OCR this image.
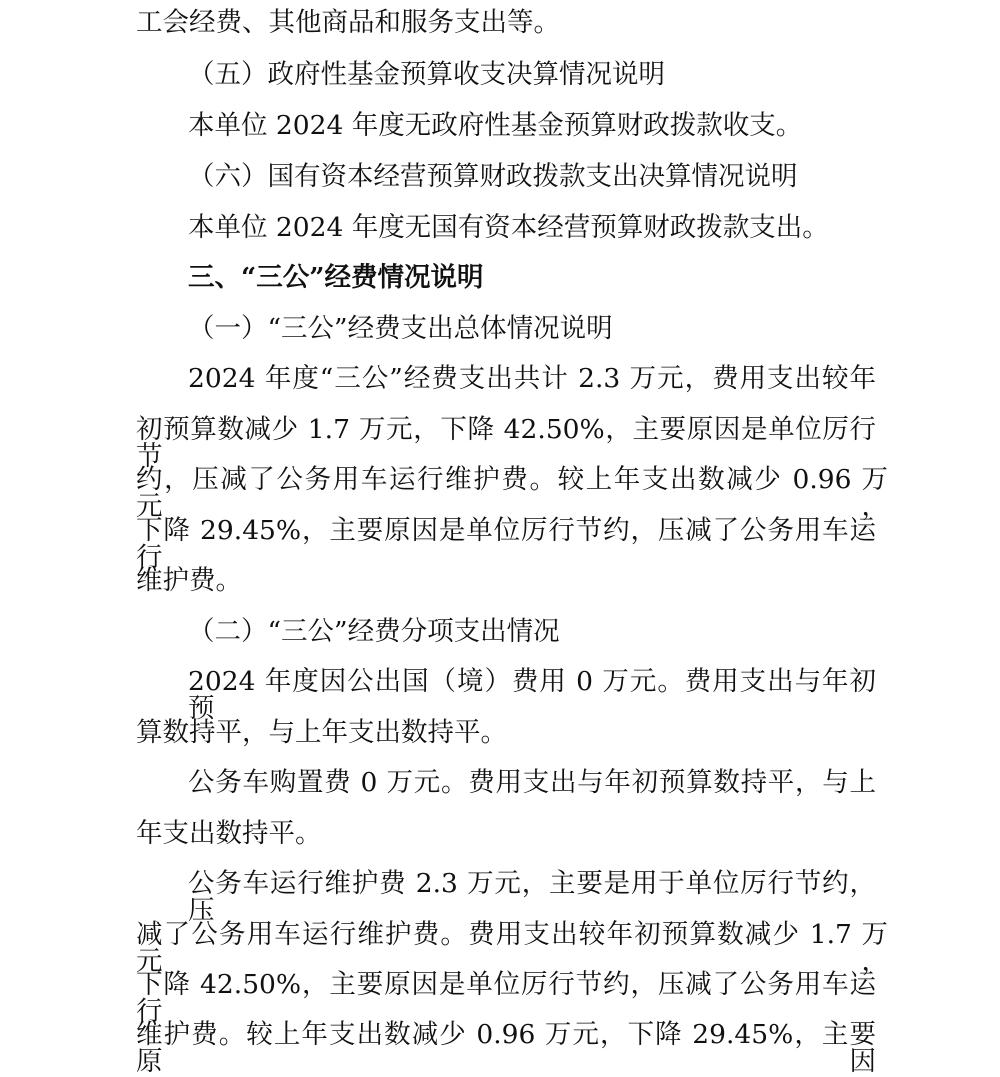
工会经费、其他商品和服务支出等。

（五）政府性基金预算收支决算情况说明

本单位 2024 年度无政府性基金预算财政拨款收支。

（六）国有资本经营预算财政拨款支出决算情况说明

本单位 2024 年度无国有资本经营预算财政拨款支出。

三、“三公”经费情况说明

（一）“三公”经费支出总体情况说明

2024 年度“三公”经费支出共计 2.3 万元，费用支出较年

初预算数减少 1.7 万元，下降 42.50%，主要原因是单位厉行节

约，压减了公务用车运行维护费。较上年支出数减少 0.96 万元，

下降 29.45%，主要原因是单位厉行节约，压减了公务用车运行

维护费。

（二）“三公”经费分项支出情况

2024 年度因公出国（境）费用 0 万元。费用支出与年初预

算数持平，与上年支出数持平。

公务车购置费 0 万元。费用支出与年初预算数持平，与上

年支出数持平。

公务车运行维护费 2.3 万元，主要是用于单位厉行节约，压

减了公务用车运行维护费。费用支出较年初预算数减少 1.7 万元，

下降 42.50%，主要原因是单位厉行节约，压减了公务用车运行

维护费。较上年支出数减少 0.96 万元，下降 29.45%，主要原因
